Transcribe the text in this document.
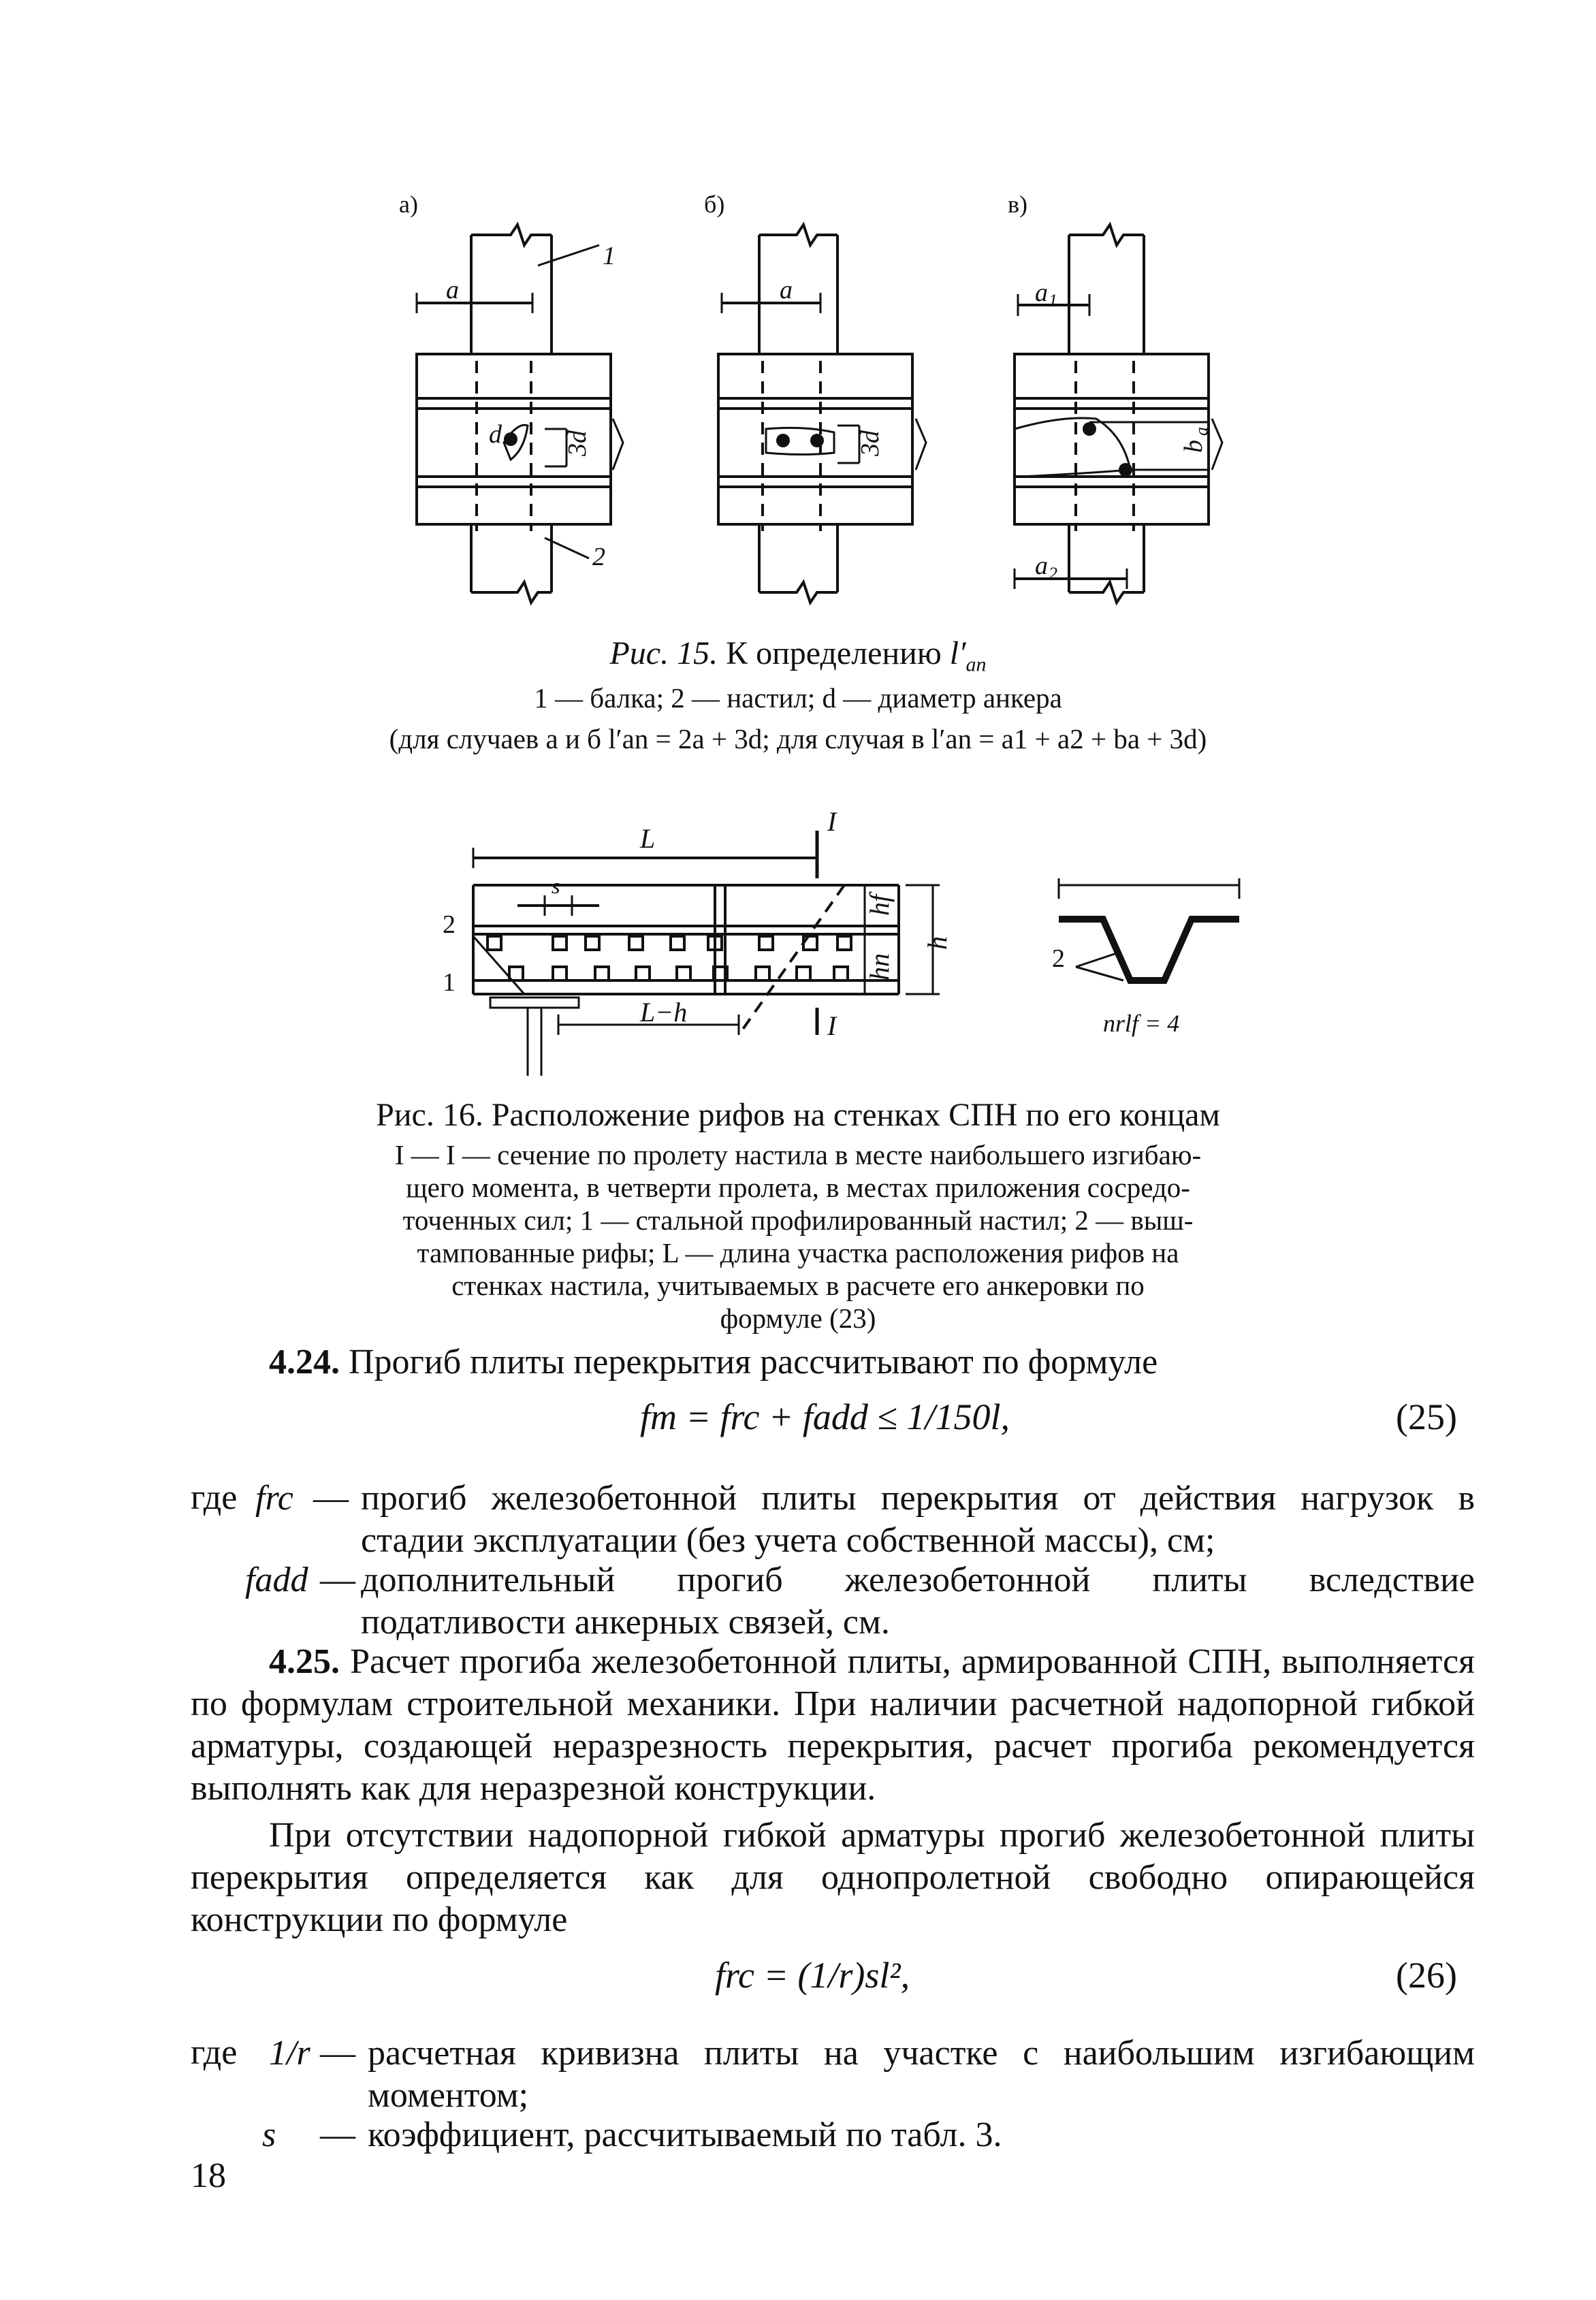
а)	б)	в)
1
2
a	a
d
a 1
a 2
3d	3d	b
a
Рис. 15. К определению $l'_{an}$
1 — балка; 2 — настил; d — диаметр анкера
(для случаев а и б l′an = 2a + 3d; для случая в l′an = a1 + a2 + ba + 3d)
L
I
I
s
hf
hn
h
L−h	nrlf = 4
2
1
2
Рис. 16. Расположение рифов на стенках СПН по его концам
I — I — сечение по пролету настила в месте наибольшего изгибаю-
щего момента, в четверти пролета, в местах приложения сосредо-
точенных сил; 1 — стальной профилированный настил; 2 — выш-
тампованные рифы; L — длина участка расположения рифов на
стенках настила, учитываемых в расчете его анкеровки по
формуле (23)
4.24. Прогиб плиты перекрытия рассчитывают по формуле
fm = frc + fadd ≤ 1/150l,	(25)
где frc — прогиб железобетонной плиты перекрытия от действия нагрузок в стадии эксплуатации (без учета собственной массы), см;
fadd — дополнительный прогиб железобетонной плиты вследствие податливости анкерных связей, см.
4.25. Расчет прогиба железобетонной плиты, армированной СПН, выполняется по формулам строительной механики. При наличии расчетной надопорной гибкой арматуры, создающей неразрезность перекрытия, расчет прогиба рекомендуется выполнять как для неразрезной конструкции.
При отсутствии надопорной гибкой арматуры прогиб железобетонной плиты перекрытия определяется как для однопролетной свободно опирающейся конструкции по формуле
frc = (1/r)sl²,	(26)
где 1/r — расчетная кривизна плиты на участке с наибольшим изгибающим моментом;
s — коэффициент, рассчитываемый по табл. 3.
18
